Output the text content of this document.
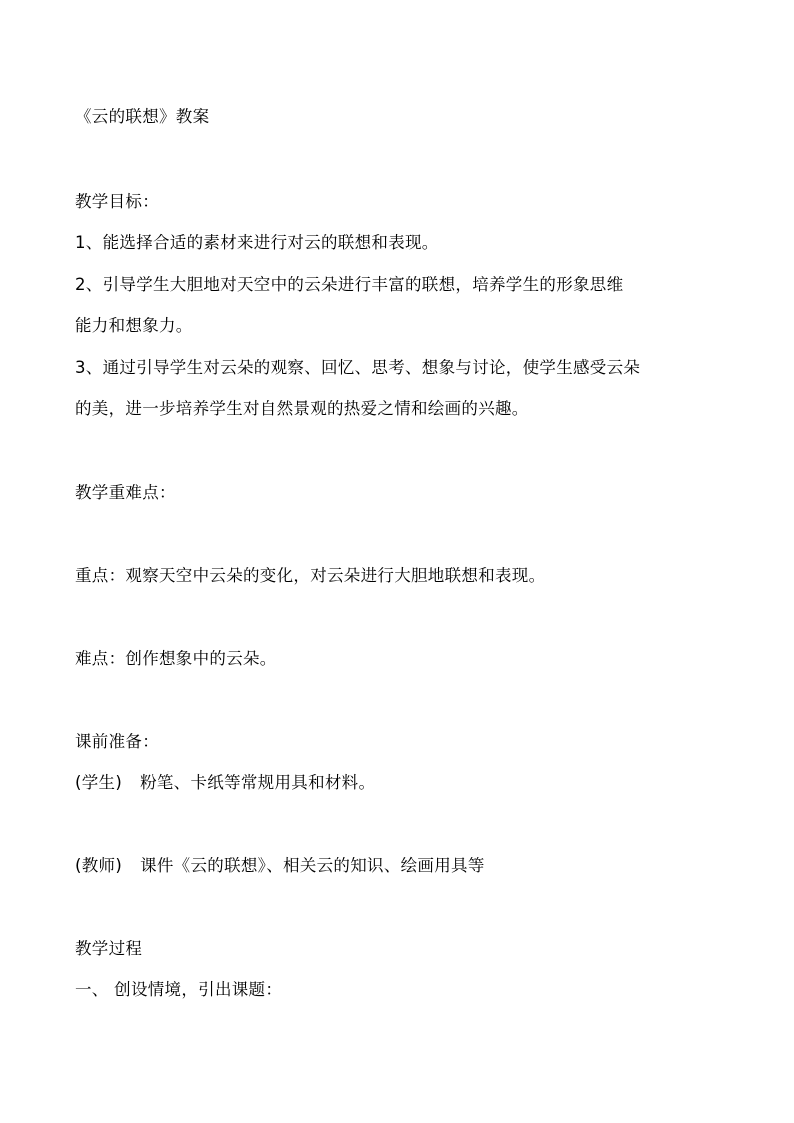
《云的联想》教案
教学目标：
1、能选择合适的素材来进行对云的联想和表现。
2、引导学生大胆地对天空中的云朵进行丰富的联想，培养学生的形象思维
能力和想象力。
3、通过引导学生对云朵的观察、回忆、思考、想象与讨论，使学生感受云朵
的美，进一步培养学生对自然景观的热爱之情和绘画的兴趣。
教学重难点：
重点：观察天空中云朵的变化，对云朵进行大胆地联想和表现。
难点：创作想象中的云朵。
课前准备：
(学生) 粉笔、卡纸等常规用具和材料。
(教师) 课件《云的联想》、相关云的知识、绘画用具等
教学过程
一、 创设情境，引出课题：
